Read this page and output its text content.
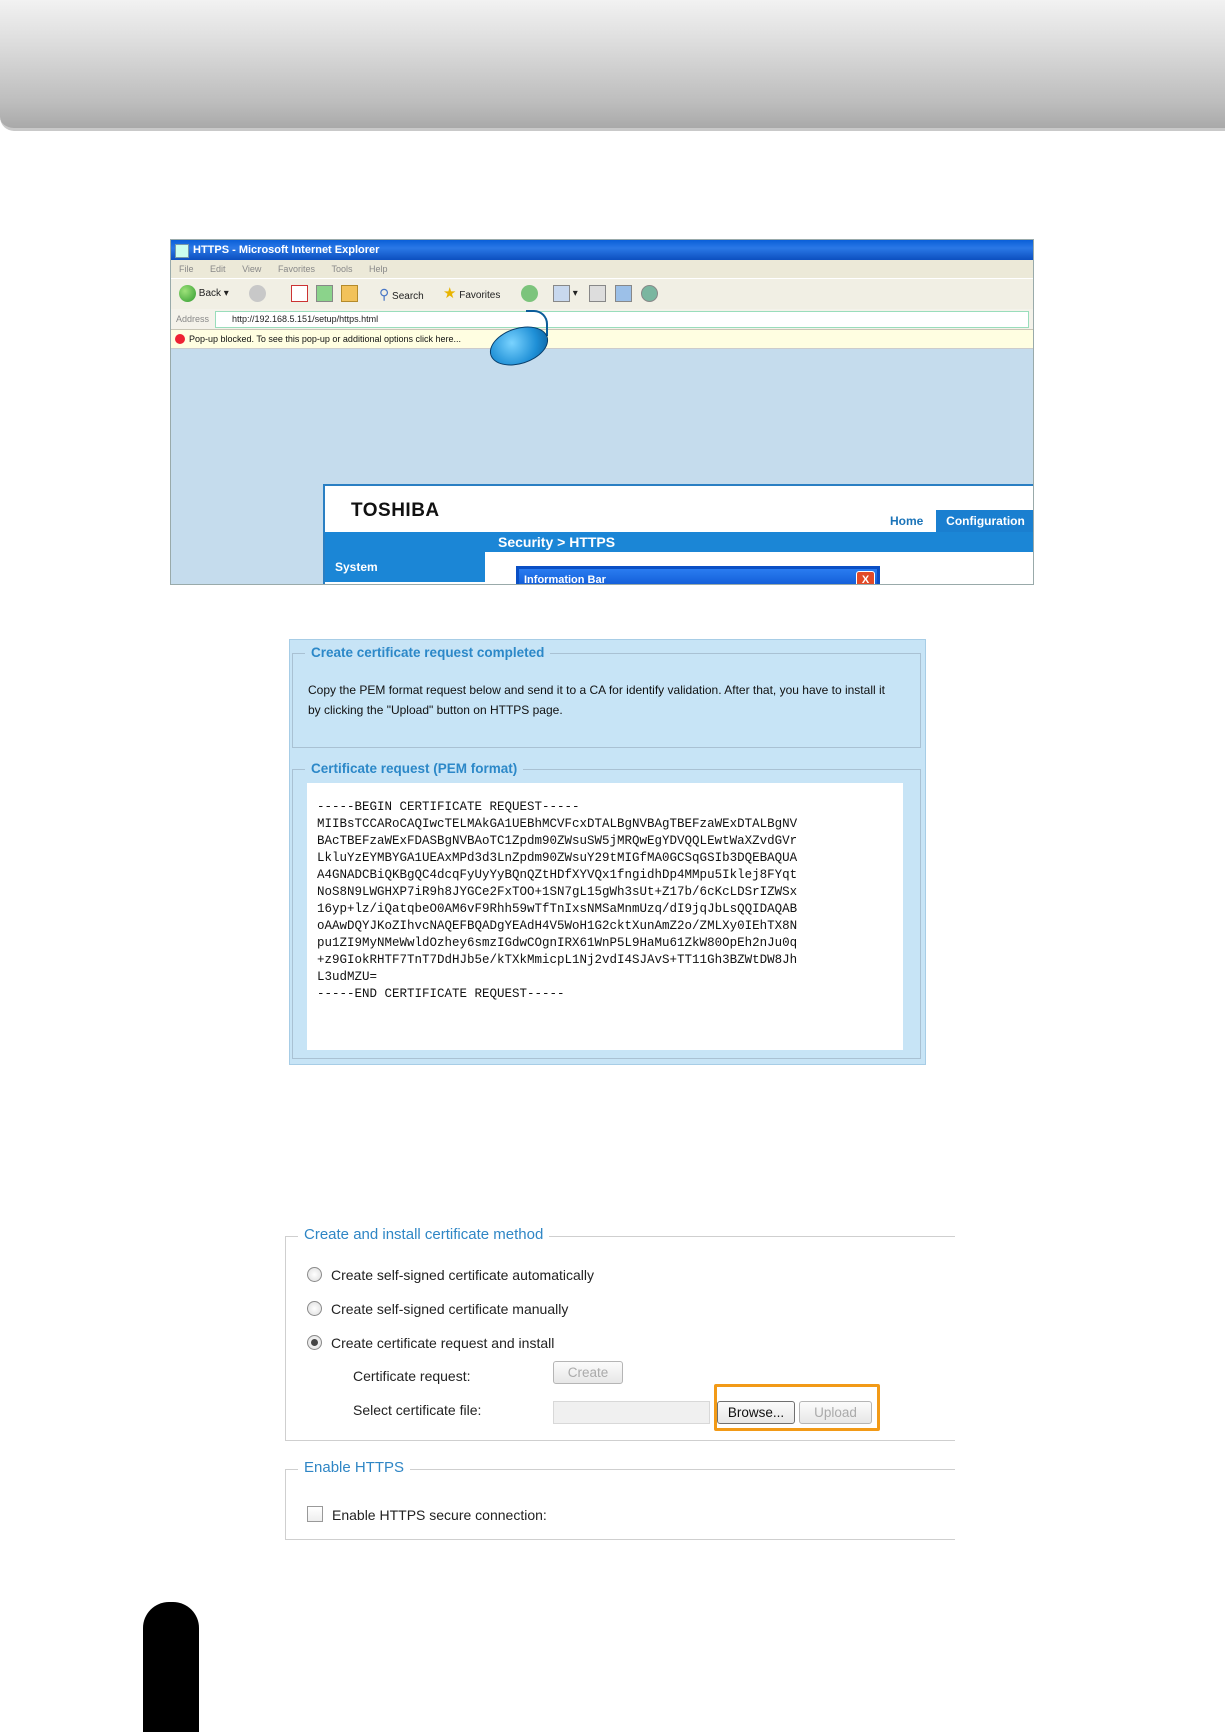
HTTPS - Microsoft Internet Explorer
File Edit View Favorites Tools Help
Back ▾	⚲ Search ★ Favorites	▾
Address	http://192.168.5.151/setup/https.html
Pop-up blocked. To see this pop-up or additional options click here...
TOSHIBA	Home	Configuration
Security > HTTPS
System
Information Bar	X
Create certificate request completed
Copy the PEM format request below and send it to a CA for identify validation. After that, you have to install it by clicking the "Upload" button on HTTPS page.
Certificate request (PEM format)
-----BEGIN CERTIFICATE REQUEST-----
MIIBsTCCARoCAQIwcTELMAkGA1UEBhMCVFcxDTALBgNVBAgTBEFzaWExDTALBgNV
BAcTBEFzaWExFDASBgNVBAoTC1Zpdm90ZWsuSW5jMRQwEgYDVQQLEwtWaXZvdGVr
LkluYzEYMBYGA1UEAxMPd3d3LnZpdm90ZWsuY29tMIGfMA0GCSqGSIb3DQEBAQUA
A4GNADCBiQKBgQC4dcqFyUyYyBQnQZtHDfXYVQx1fngidhDp4MMpu5Iklej8FYqt
NoS8N9LWGHXP7iR9h8JYGCe2FxTOO+1SN7gL15gWh3sUt+Z17b/6cKcLDSrIZWSx
16yp+lz/iQatqbeO0AM6vF9Rhh59wTfTnIxsNMSaMnmUzq/dI9jqJbLsQQIDAQAB
oAAwDQYJKoZIhvcNAQEFBQADgYEAdH4V5WoH1G2cktXunAmZ2o/ZMLXy0IEhTX8N
pu1ZI9MyNMeWwldOzhey6smzIGdwCOgnIRX61WnP5L9HaMu61ZkW80OpEh2nJu0q
+z9GIokRHTF7TnT7DdHJb5e/kTXkMmicpL1Nj2vdI4SJAvS+TT11Gh3BZWtDW8Jh
L3udMZU=
-----END CERTIFICATE REQUEST-----
Create and install certificate method
Create self-signed certificate automatically
Create self-signed certificate manually
Create certificate request and install
Certificate request:	Create
Select certificate file:	Browse...	Upload
Enable HTTPS
Enable HTTPS secure connection:
